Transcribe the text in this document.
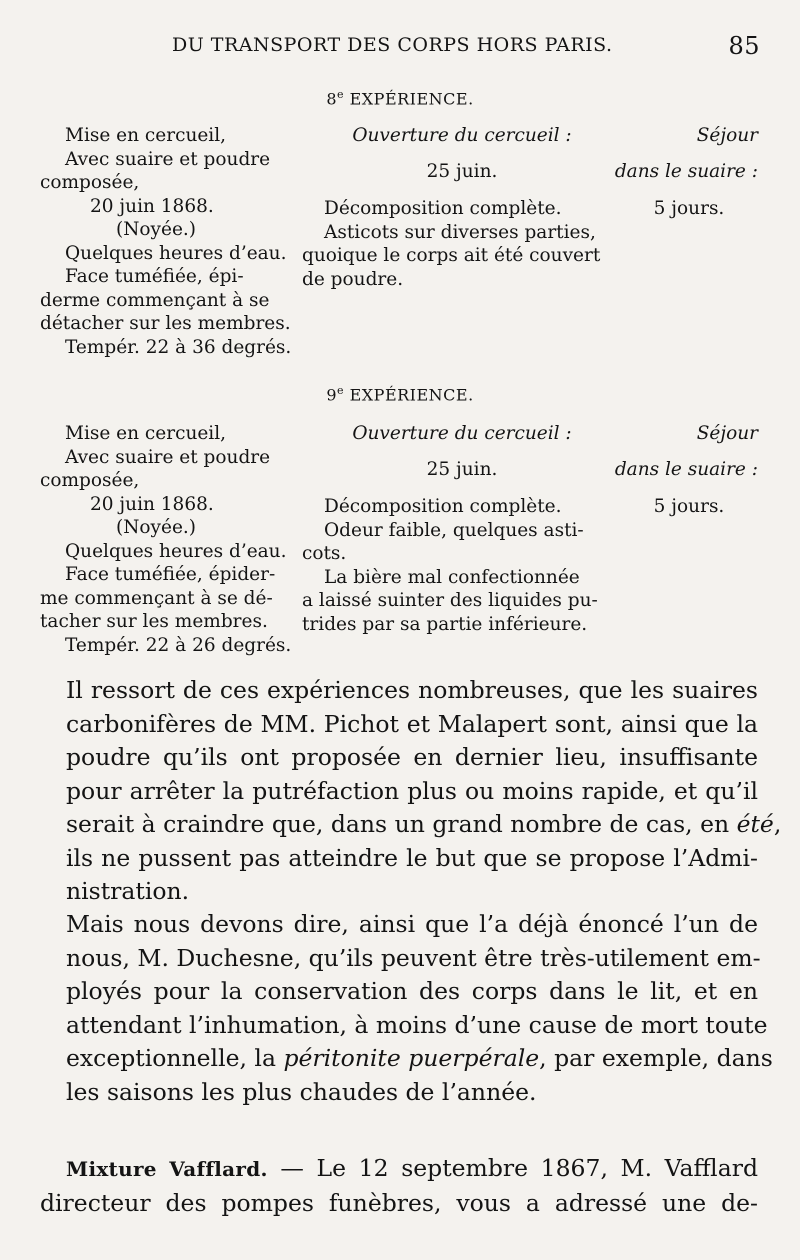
DU TRANSPORT DES CORPS HORS PARIS.	85
8e EXPÉRIENCE.
Mise en cercueil,
Avec suaire et poudre
composée,
20 juin 1868.
(Noyée.)
Quelques heures d’eau.
Face tuméfiée, épi-
derme commençant à se
détacher sur les membres.
Tempér. 22 à 36 degrés.
Ouverture du cercueil :
25 juin.
Décomposition complète.
Asticots sur diverses parties,
quoique le corps ait été couvert
de poudre.
Séjour
dans le suaire :
5 jours.
9e EXPÉRIENCE.
Mise en cercueil,
Avec suaire et poudre
composée,
20 juin 1868.
(Noyée.)
Quelques heures d’eau.
Face tuméfiée, épider-
me commençant à se dé-
tacher sur les membres.
Tempér. 22 à 26 degrés.
Ouverture du cercueil :
25 juin.
Décomposition complète.
Odeur faible, quelques asti-
cots.
La bière mal confectionnée
a laissé suinter des liquides pu-
trides par sa partie inférieure.
Séjour
dans le suaire :
5 jours.
Il ressort de ces expériences nombreuses, que les suaires
carbonifères de MM. Pichot et Malapert sont, ainsi que la
poudre qu’ils ont proposée en dernier lieu, insuffisante
pour arrêter la putréfaction plus ou moins rapide, et qu’il
serait à craindre que, dans un grand nombre de cas, en été,
ils ne pussent pas atteindre le but que se propose l’Admi-
nistration.
Mais nous devons dire, ainsi que l’a déjà énoncé l’un de
nous, M. Duchesne, qu’ils peuvent être très-utilement em-
ployés pour la conservation des corps dans le lit, et en
attendant l’inhumation, à moins d’une cause de mort toute
exceptionnelle, la péritonite puerpérale, par exemple, dans
les saisons les plus chaudes de l’année.
Mixture Vafflard. — Le 12 septembre 1867, M. Vafflard
directeur des pompes funèbres, vous a adressé une de-
